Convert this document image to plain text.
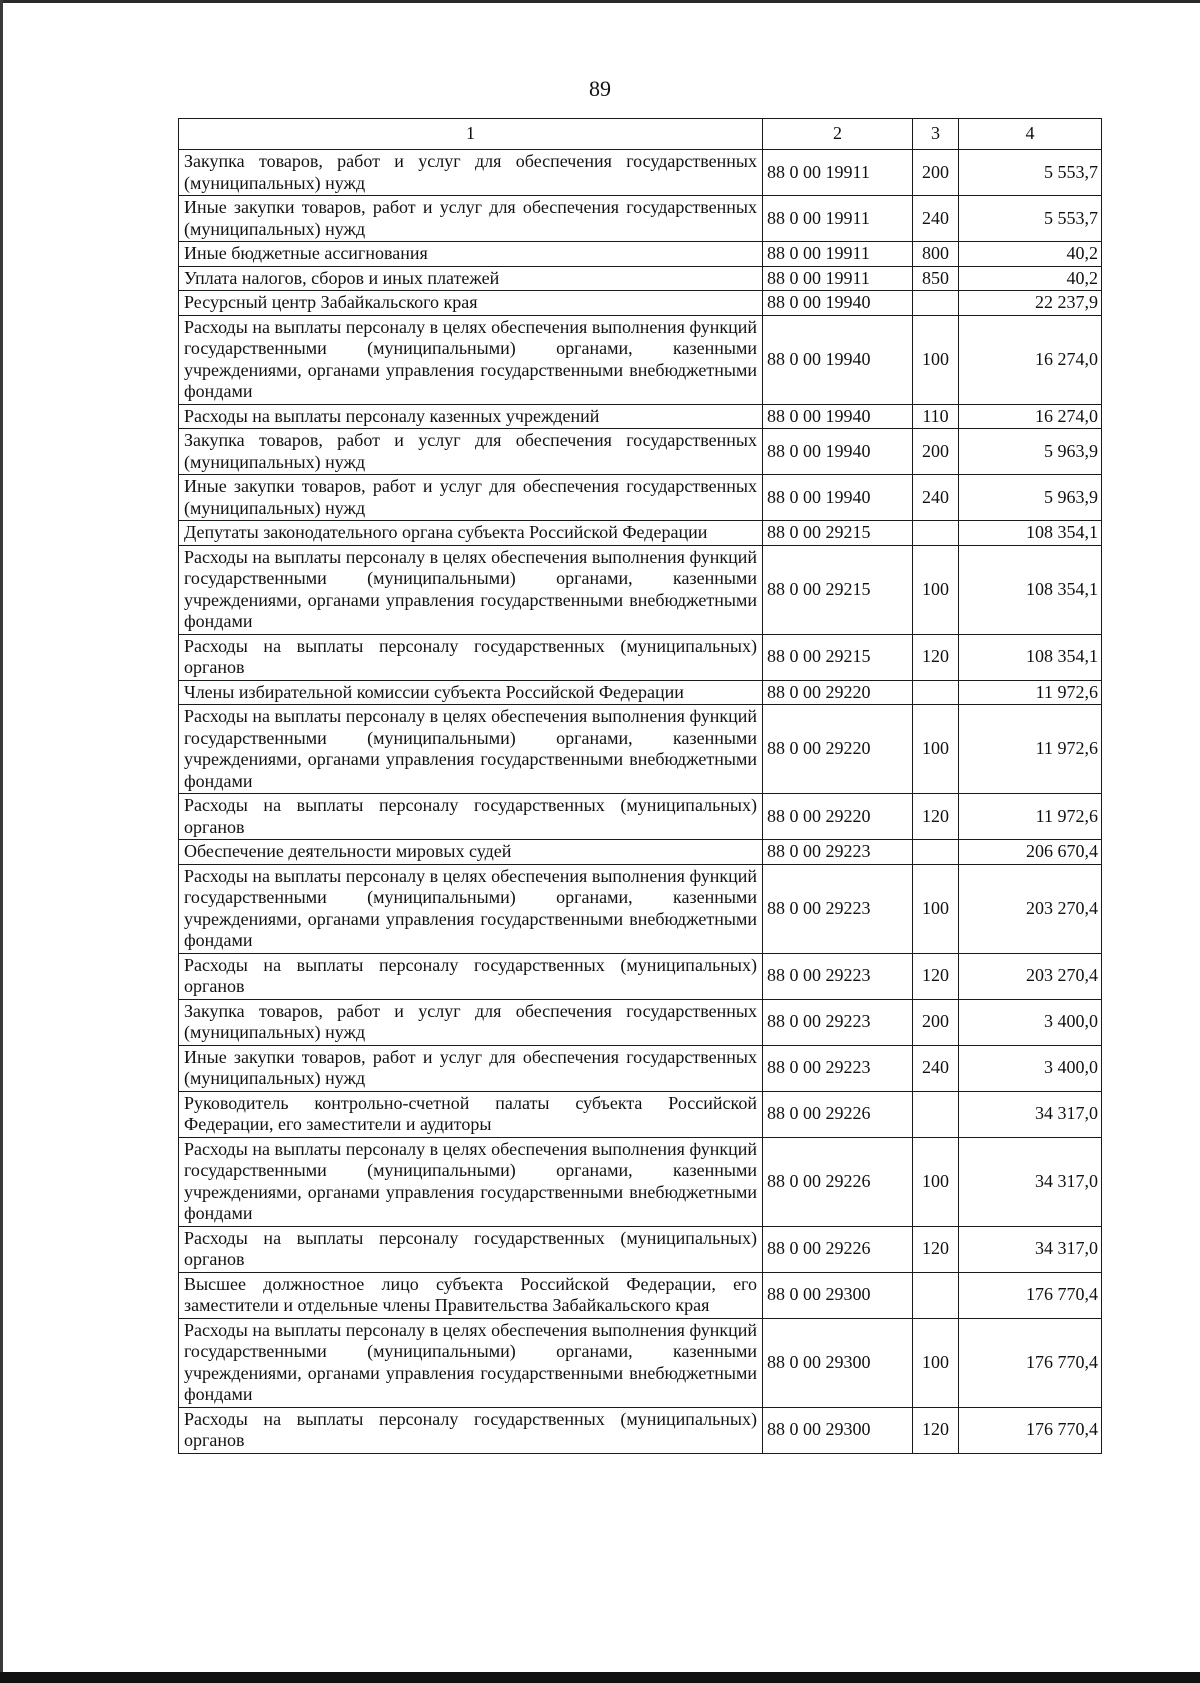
89
1	2	3	4
Закупка товаров, работ и услуг для обеспечения государственных (муниципальных) нужд	88 0 00 19911	200	5 553,7
Иные закупки товаров, работ и услуг для обеспечения государственных (муниципальных) нужд	88 0 00 19911	240	5 553,7
Иные бюджетные ассигнования	88 0 00 19911	800	40,2
Уплата налогов, сборов и иных платежей	88 0 00 19911	850	40,2
Ресурсный центр Забайкальского края	88 0 00 19940		22 237,9
Расходы на выплаты персоналу в целях обеспечения выполнения функций государственными (муниципальными) органами, казенными учреждениями, органами управления государственными внебюджетными фондами	88 0 00 19940	100	16 274,0
Расходы на выплаты персоналу казенных учреждений	88 0 00 19940	110	16 274,0
Закупка товаров, работ и услуг для обеспечения государственных (муниципальных) нужд	88 0 00 19940	200	5 963,9
Иные закупки товаров, работ и услуг для обеспечения государственных (муниципальных) нужд	88 0 00 19940	240	5 963,9
Депутаты законодательного органа субъекта Российской Федерации	88 0 00 29215		108 354,1
Расходы на выплаты персоналу в целях обеспечения выполнения функций государственными (муниципальными) органами, казенными учреждениями, органами управления государственными внебюджетными фондами	88 0 00 29215	100	108 354,1
Расходы на выплаты персоналу государственных (муниципальных) органов	88 0 00 29215	120	108 354,1
Члены избирательной комиссии субъекта Российской Федерации	88 0 00 29220		11 972,6
Расходы на выплаты персоналу в целях обеспечения выполнения функций государственными (муниципальными) органами, казенными учреждениями, органами управления государственными внебюджетными фондами	88 0 00 29220	100	11 972,6
Расходы на выплаты персоналу государственных (муниципальных) органов	88 0 00 29220	120	11 972,6
Обеспечение деятельности мировых судей	88 0 00 29223		206 670,4
Расходы на выплаты персоналу в целях обеспечения выполнения функций государственными (муниципальными) органами, казенными учреждениями, органами управления государственными внебюджетными фондами	88 0 00 29223	100	203 270,4
Расходы на выплаты персоналу государственных (муниципальных) органов	88 0 00 29223	120	203 270,4
Закупка товаров, работ и услуг для обеспечения государственных (муниципальных) нужд	88 0 00 29223	200	3 400,0
Иные закупки товаров, работ и услуг для обеспечения государственных (муниципальных) нужд	88 0 00 29223	240	3 400,0
Руководитель контрольно-счетной палаты субъекта Российской Федерации, его заместители и аудиторы	88 0 00 29226		34 317,0
Расходы на выплаты персоналу в целях обеспечения выполнения функций государственными (муниципальными) органами, казенными учреждениями, органами управления государственными внебюджетными фондами	88 0 00 29226	100	34 317,0
Расходы на выплаты персоналу государственных (муниципальных) органов	88 0 00 29226	120	34 317,0
Высшее должностное лицо субъекта Российской Федерации, его заместители и отдельные члены Правительства Забайкальского края	88 0 00 29300		176 770,4
Расходы на выплаты персоналу в целях обеспечения выполнения функций государственными (муниципальными) органами, казенными учреждениями, органами управления государственными внебюджетными фондами	88 0 00 29300	100	176 770,4
Расходы на выплаты персоналу государственных (муниципальных) органов	88 0 00 29300	120	176 770,4
